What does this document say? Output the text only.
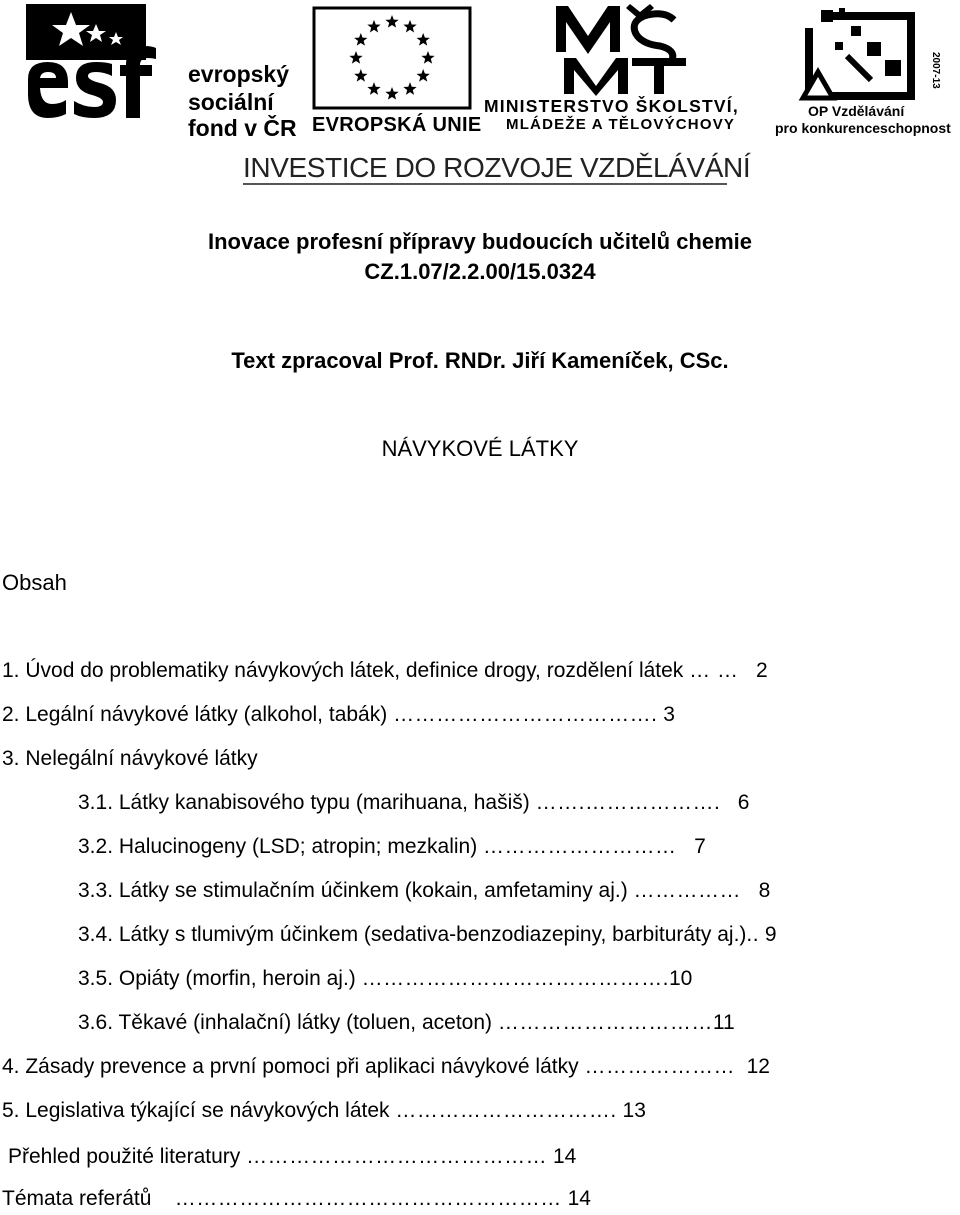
evropský
sociální
fond v ČR EVROPSKÁ UNIE
MINISTERSTVO ŠKOLSTVÍ,
MLÁDEŽE A TĚLOVÝCHOVY
2007-13
OP Vzdělávání
pro konkurenceschopnost
INVESTICE DO ROZVOJE VZDĚLÁVÁNÍ
Inovace profesní přípravy budoucích učitelů chemie
CZ.1.07/2.2.00/15.0324
Text zpracoval Prof. RNDr. Jiří Kameníček, CSc.
NÁVYKOVÉ LÁTKY
Obsah
1. Úvod do problematiky návykových látek, definice drogy, rozdělení látek … … 2
2. Legální návykové látky (alkohol, tabák) ………………………………. 3
3. Nelegální návykové látky
3.1. Látky kanabisového typu (marihuana, hašiš) …….………………. 6
3.2. Halucinogeny (LSD; atropin; mezkalin) ……………………… 7
3.3. Látky se stimulačním účinkem (kokain, amfetaminy aj.) …………… 8
3.4. Látky s tlumivým účinkem (sedativa-benzodiazepiny, barbituráty aj.).. 9
3.5. Opiáty (morfin, heroin aj.) …………………………………….10
3.6. Těkavé (inhalační) látky (toluen, aceton) …………………………11
4. Zásady prevence a první pomoci při aplikaci návykové látky ………………… 12
5. Legislativa týkající se návykových látek …………………………. 13
Přehled použité literatury …………………………………… 14
Témata referátů ……………………………………………… 14
